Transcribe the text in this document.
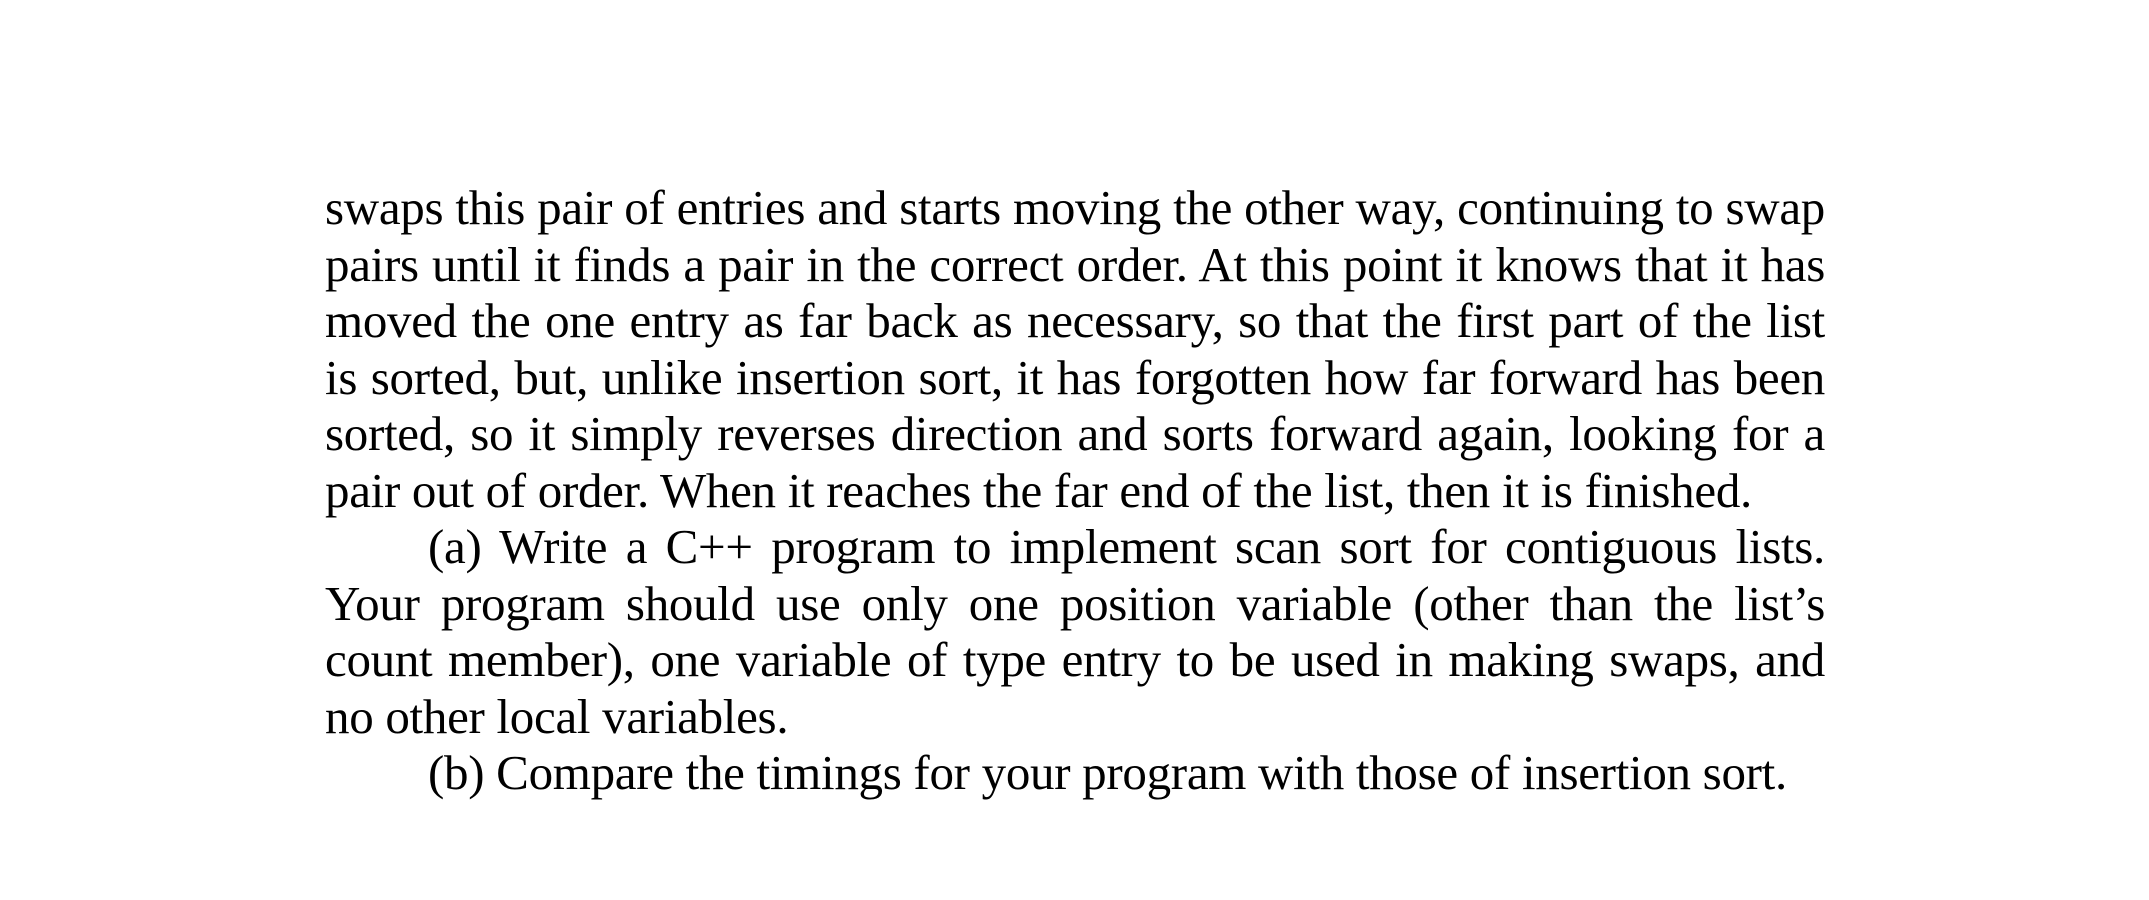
swaps this pair of entries and starts moving the other way, continuing to swap pairs until it finds a pair in the correct order. At this point it knows that it has moved the one entry as far back as necessary, so that the first part of the list is sorted, but, unlike insertion sort, it has forgotten how far forward has been sorted, so it simply reverses direction and sorts forward again, looking for a pair out of order. When it reaches the far end of the list, then it is finished.

(a) Write a C++ program to implement scan sort for contiguous lists. Your program should use only one position variable (other than the list’s count member), one variable of type entry to be used in making swaps, and no other local variables.

(b) Compare the timings for your program with those of insertion sort.
